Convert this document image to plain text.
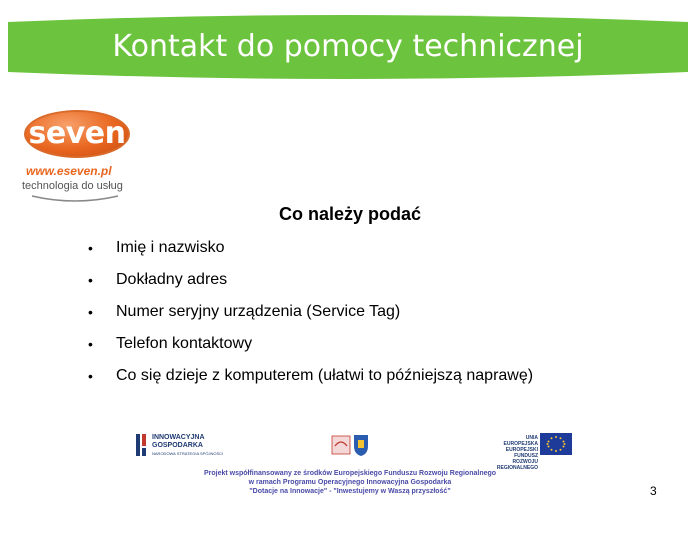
Kontakt do pomocy technicznej
seven
www.eseven.pl
technologia do usług
Co należy podać
• Imię i nazwisko
• Dokładny adres
• Numer seryjny urządzenia (Service Tag)
• Telefon kontaktowy
• Co się dzieje z komputerem (ułatwi to późniejszą naprawę)
INNOWACYJNA
GOSPODARKA
NARODOWA STRATEGIA SPÓJNOŚCI
UNIA EUROPEJSKA
EUROPEJSKI FUNDUSZ
ROZWOJU REGIONALNEGO
Projekt współfinansowany ze środków Europejskiego Funduszu Rozwoju Regionalnego
w ramach Programu Operacyjnego Innowacyjna Gospodarka
"Dotacje na Innowacje" - "Inwestujemy w Waszą przyszłość"	3
